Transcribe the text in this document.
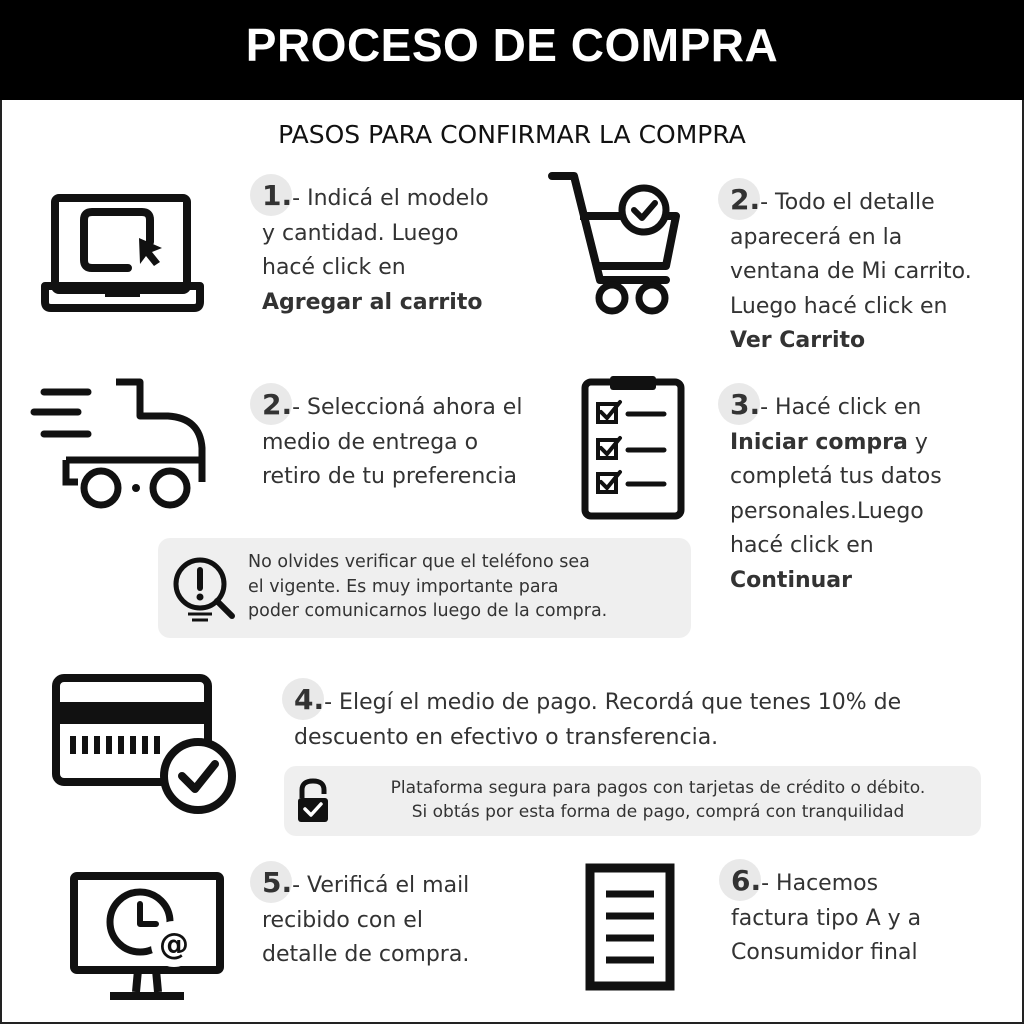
PROCESO DE COMPRA
PASOS PARA CONFIRMAR LA COMPRA
1.- Indicá el modelo
y cantidad. Luego
hacé click en
Agregar al carrito
2.- Todo el detalle
aparecerá en la
ventana de Mi carrito.
Luego hacé click en
Ver Carrito
2.- Seleccioná ahora el
medio de entrega o
retiro de tu preferencia
3.- Hacé click en
Iniciar compra y
completá tus datos
personales.Luego
hacé click en
Continuar
No olvides verificar que el teléfono sea
el vigente. Es muy importante para
poder comunicarnos luego de la compra.
4.- Elegí el medio de pago. Recordá que tenes 10% de
descuento en efectivo o transferencia.
Plataforma segura para pagos con tarjetas de crédito o débito.
Si obtás por esta forma de pago, comprá con tranquilidad
@
5.- Verificá el mail
recibido con el
detalle de compra.
6.- Hacemos
factura tipo A y a
Consumidor final
